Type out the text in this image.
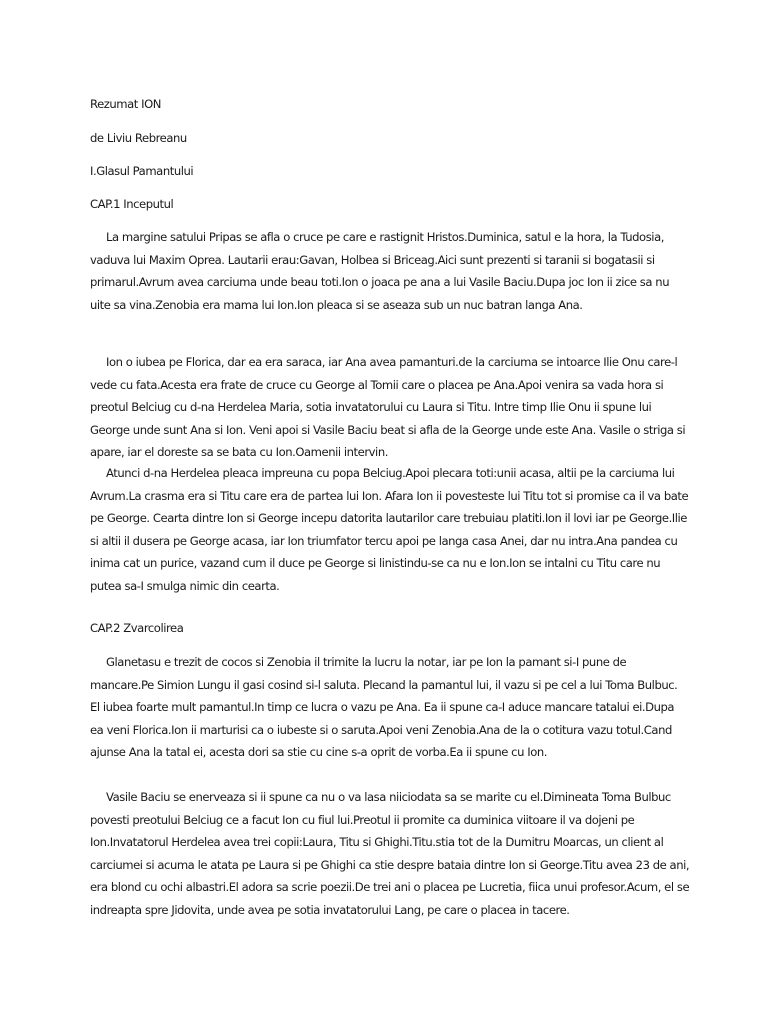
Rezumat ION

de Liviu Rebreanu

I.Glasul Pamantului

CAP.1 Inceputul

La margine satului Pripas se afla o cruce pe care e rastignit Hristos.Duminica, satul e la hora, la Tudosia, vaduva lui Maxim Oprea. Lautarii erau:Gavan, Holbea si Briceag.Aici sunt prezenti si taranii si bogatasii si primarul.Avrum avea carciuma unde beau toti.Ion o joaca pe ana a lui Vasile Baciu.Dupa joc Ion ii zice sa nu uite sa vina.Zenobia era mama lui Ion.Ion pleaca si se aseaza sub un nuc batran langa Ana.

Ion o iubea pe Florica, dar ea era saraca, iar Ana avea pamanturi.de la carciuma se intoarce Ilie Onu care-l vede cu fata.Acesta era frate de cruce cu George al Tomii care o placea pe Ana.Apoi venira sa vada hora si preotul Belciug cu d-na Herdelea Maria, sotia invatatorului cu Laura si Titu. Intre timp Ilie Onu ii spune lui George unde sunt Ana si Ion. Veni apoi si Vasile Baciu beat si afla de la George unde este Ana. Vasile o striga si apare, iar el doreste sa se bata cu Ion.Oamenii intervin.

Atunci d-na Herdelea pleaca impreuna cu popa Belciug.Apoi plecara toti:unii acasa, altii pe la carciuma lui Avrum.La crasma era si Titu care era de partea lui Ion. Afara Ion ii povesteste lui Titu tot si promise ca il va bate pe George. Cearta dintre Ion si George incepu datorita lautarilor care trebuiau platiti.Ion il lovi iar pe George.Ilie si altii il dusera pe George acasa, iar Ion triumfator tercu apoi pe langa casa Anei, dar nu intra.Ana pandea cu inima cat un purice, vazand cum il duce pe George si linistindu-se ca nu e Ion.Ion se intalni cu Titu care nu putea sa-I smulga nimic din cearta.

CAP.2 Zvarcolirea

Glanetasu e trezit de cocos si Zenobia il trimite la lucru la notar, iar pe Ion la pamant si-I pune de mancare.Pe Simion Lungu il gasi cosind si-l saluta. Plecand la pamantul lui, il vazu si pe cel a lui Toma Bulbuc. El iubea foarte mult pamantul.In timp ce lucra o vazu pe Ana. Ea ii spune ca-I aduce mancare tatalui ei.Dupa ea veni Florica.Ion ii marturisi ca o iubeste si o saruta.Apoi veni Zenobia.Ana de la o cotitura vazu totul.Cand ajunse Ana la tatal ei, acesta dori sa stie cu cine s-a oprit de vorba.Ea ii spune cu Ion.

Vasile Baciu se enerveaza si ii spune ca nu o va lasa niiciodata sa se marite cu el.Dimineata Toma Bulbuc povesti preotului Belciug ce a facut Ion cu fiul lui.Preotul ii promite ca duminica viitoare il va dojeni pe Ion.Invatatorul Herdelea avea trei copii:Laura, Titu si Ghighi.Titu.stia tot de la Dumitru Moarcas, un client al carciumei si acuma le atata pe Laura si pe Ghighi ca stie despre bataia dintre Ion si George.Titu avea 23 de ani, era blond cu ochi albastri.El adora sa scrie poezii.De trei ani o placea pe Lucretia, fiica unui profesor.Acum, el se indreapta spre Jidovita, unde avea pe sotia invatatorului Lang, pe care o placea in tacere.
